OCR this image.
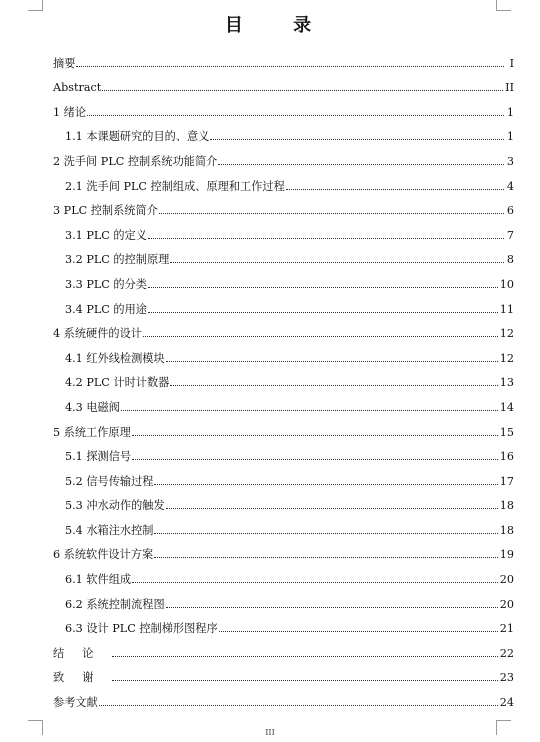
目 录
摘要	I
Abstract	II
1 绪论	1
1.1 本课题研究的目的、意义	1
2 洗手间 PLC 控制系统功能简介	3
2.1 洗手间 PLC 控制组成、原理和工作过程	4
3 PLC 控制系统简介	6
3.1 PLC 的定义	7
3.2 PLC 的控制原理	8
3.3 PLC 的分类	10
3.4 PLC 的用途	11
4 系统硬件的设计	12
4.1 红外线检测模块	12
4.2 PLC 计时计数器	13
4.3 电磁阀	14
5 系统工作原理	15
5.1 探测信号	16
5.2 信号传输过程	17
5.3 冲水动作的触发	18
5.4 水箱注水控制	18
6 系统软件设计方案	19
6.1 软件组成	20
6.2 系统控制流程图	20
6.3 设计 PLC 控制梯形图程序	21
结论	22
致谢	23
参考文献	24
III
